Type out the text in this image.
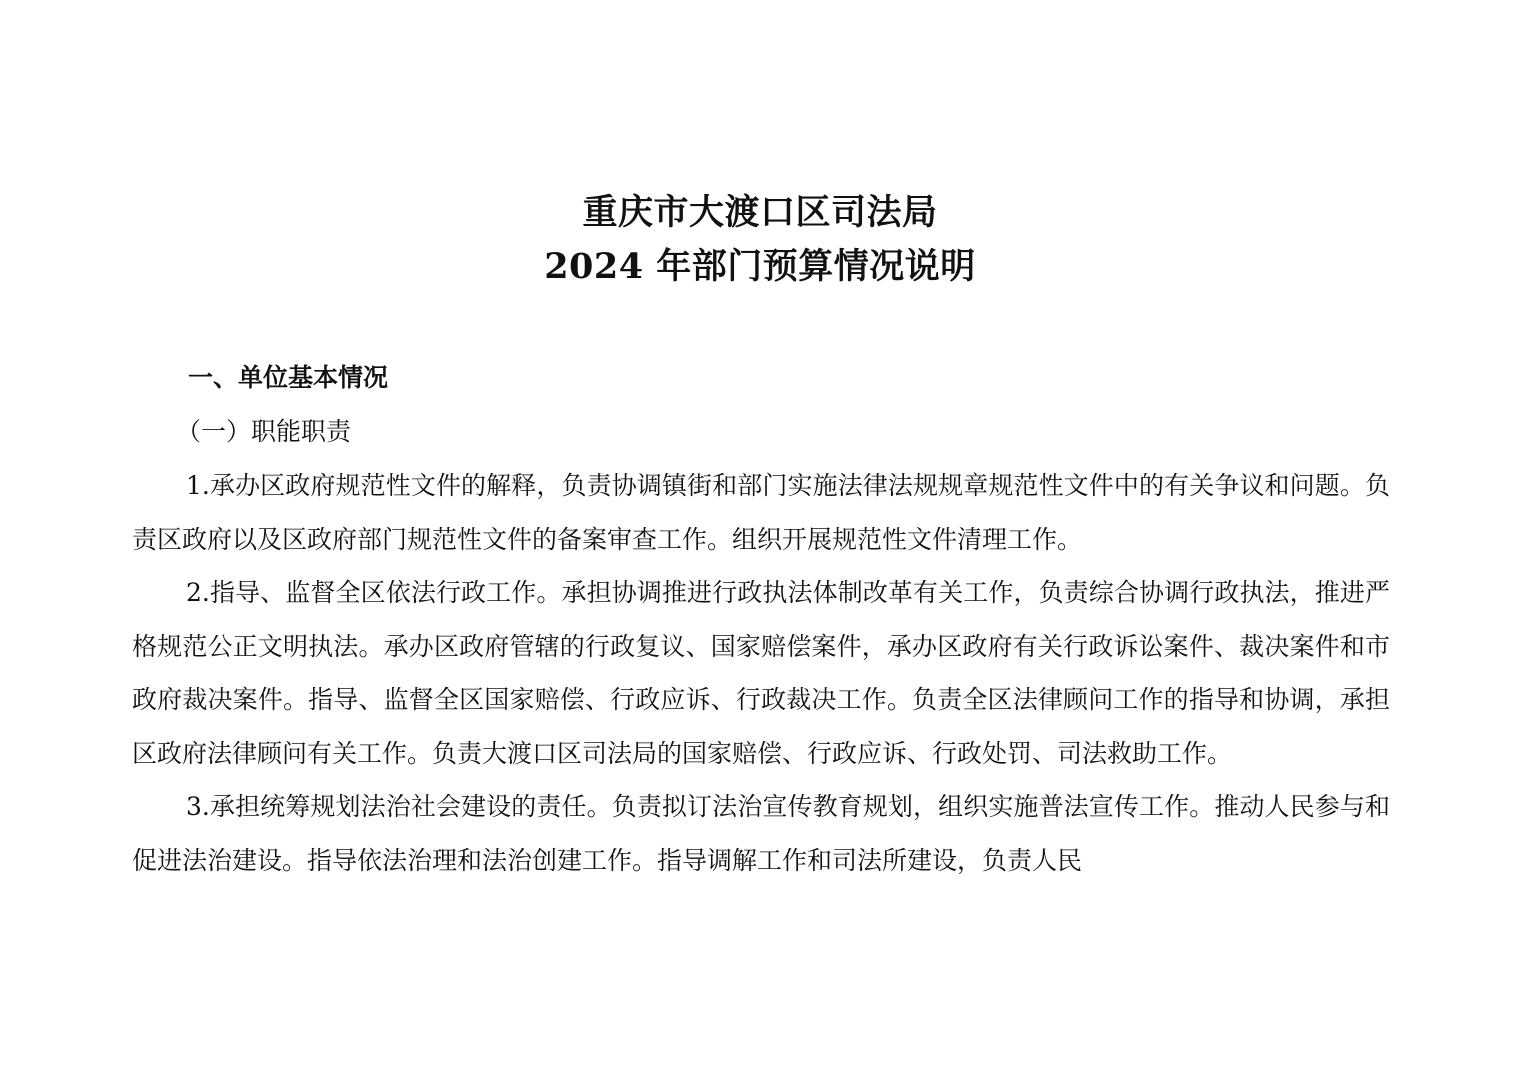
重庆市大渡口区司法局
2024 年部门预算情况说明
一、单位基本情况
（一）职能职责

1.承办区政府规范性文件的解释，负责协调镇街和部门实施法律法规规章规范性文件中的有关争议和问题。负责区政府以及区政府部门规范性文件的备案审查工作。组织开展规范性文件清理工作。

2.指导、监督全区依法行政工作。承担协调推进行政执法体制改革有关工作，负责综合协调行政执法，推进严格规范公正文明执法。承办区政府管辖的行政复议、国家赔偿案件，承办区政府有关行政诉讼案件、裁决案件和市政府裁决案件。指导、监督全区国家赔偿、行政应诉、行政裁决工作。负责全区法律顾问工作的指导和协调，承担区政府法律顾问有关工作。负责大渡口区司法局的国家赔偿、行政应诉、行政处罚、司法救助工作。

3.承担统筹规划法治社会建设的责任。负责拟订法治宣传教育规划，组织实施普法宣传工作。推动人民参与和促进法治建设。指导依法治理和法治创建工作。指导调解工作和司法所建设，负责人民
